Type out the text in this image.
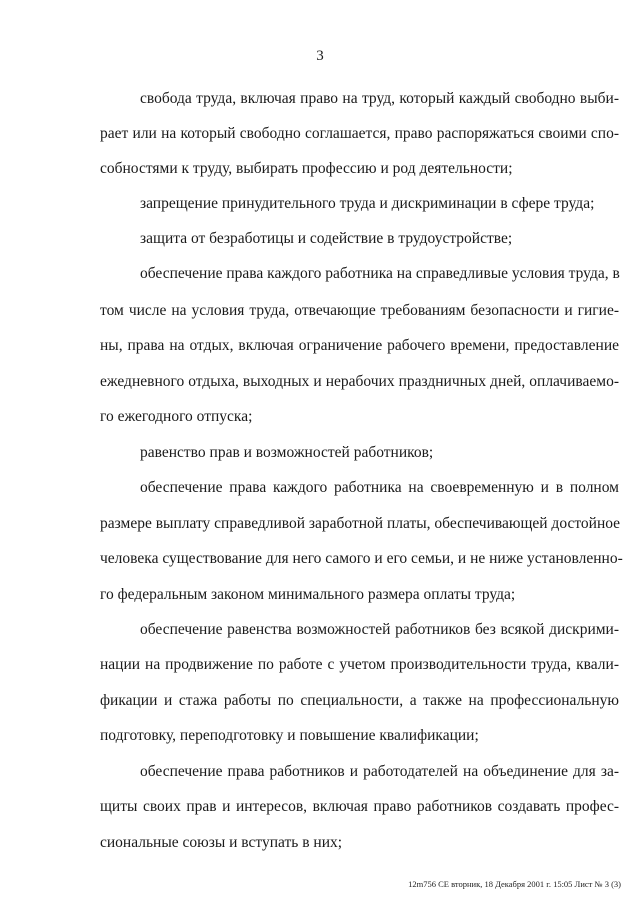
3
свобода труда, включая право на труд, который каждый свободно выби-
рает или на который свободно соглашается, право распоряжаться своими спо-
собностями к труду, выбирать профессию и род деятельности;
запрещение принудительного труда и дискриминации в сфере труда;
защита от безработицы и содействие в трудоустройстве;
обеспечение права каждого работника на справедливые условия труда, в
том числе на условия труда, отвечающие требованиям безопасности и гигие-
ны, права на отдых, включая ограничение рабочего времени, предоставление
ежедневного отдыха, выходных и нерабочих праздничных дней, оплачиваемо-
го ежегодного отпуска;
равенство прав и возможностей работников;
обеспечение права каждого работника на своевременную и в полном
размере выплату справедливой заработной платы, обеспечивающей достойное
человека существование для него самого и его семьи, и не ниже установленно-
го федеральным законом минимального размера оплаты труда;
обеспечение равенства возможностей работников без всякой дискрими-
нации на продвижение по работе с учетом производительности труда, квали-
фикации и стажа работы по специальности, а также на профессиональную
подготовку, переподготовку и повышение квалификации;
обеспечение права работников и работодателей на объединение для за-
щиты своих прав и интересов, включая право работников создавать профес-
сиональные союзы и вступать в них;
12m756 CE вторник, 18 Декабря 2001 г. 15:05 Лист № 3 (3)
